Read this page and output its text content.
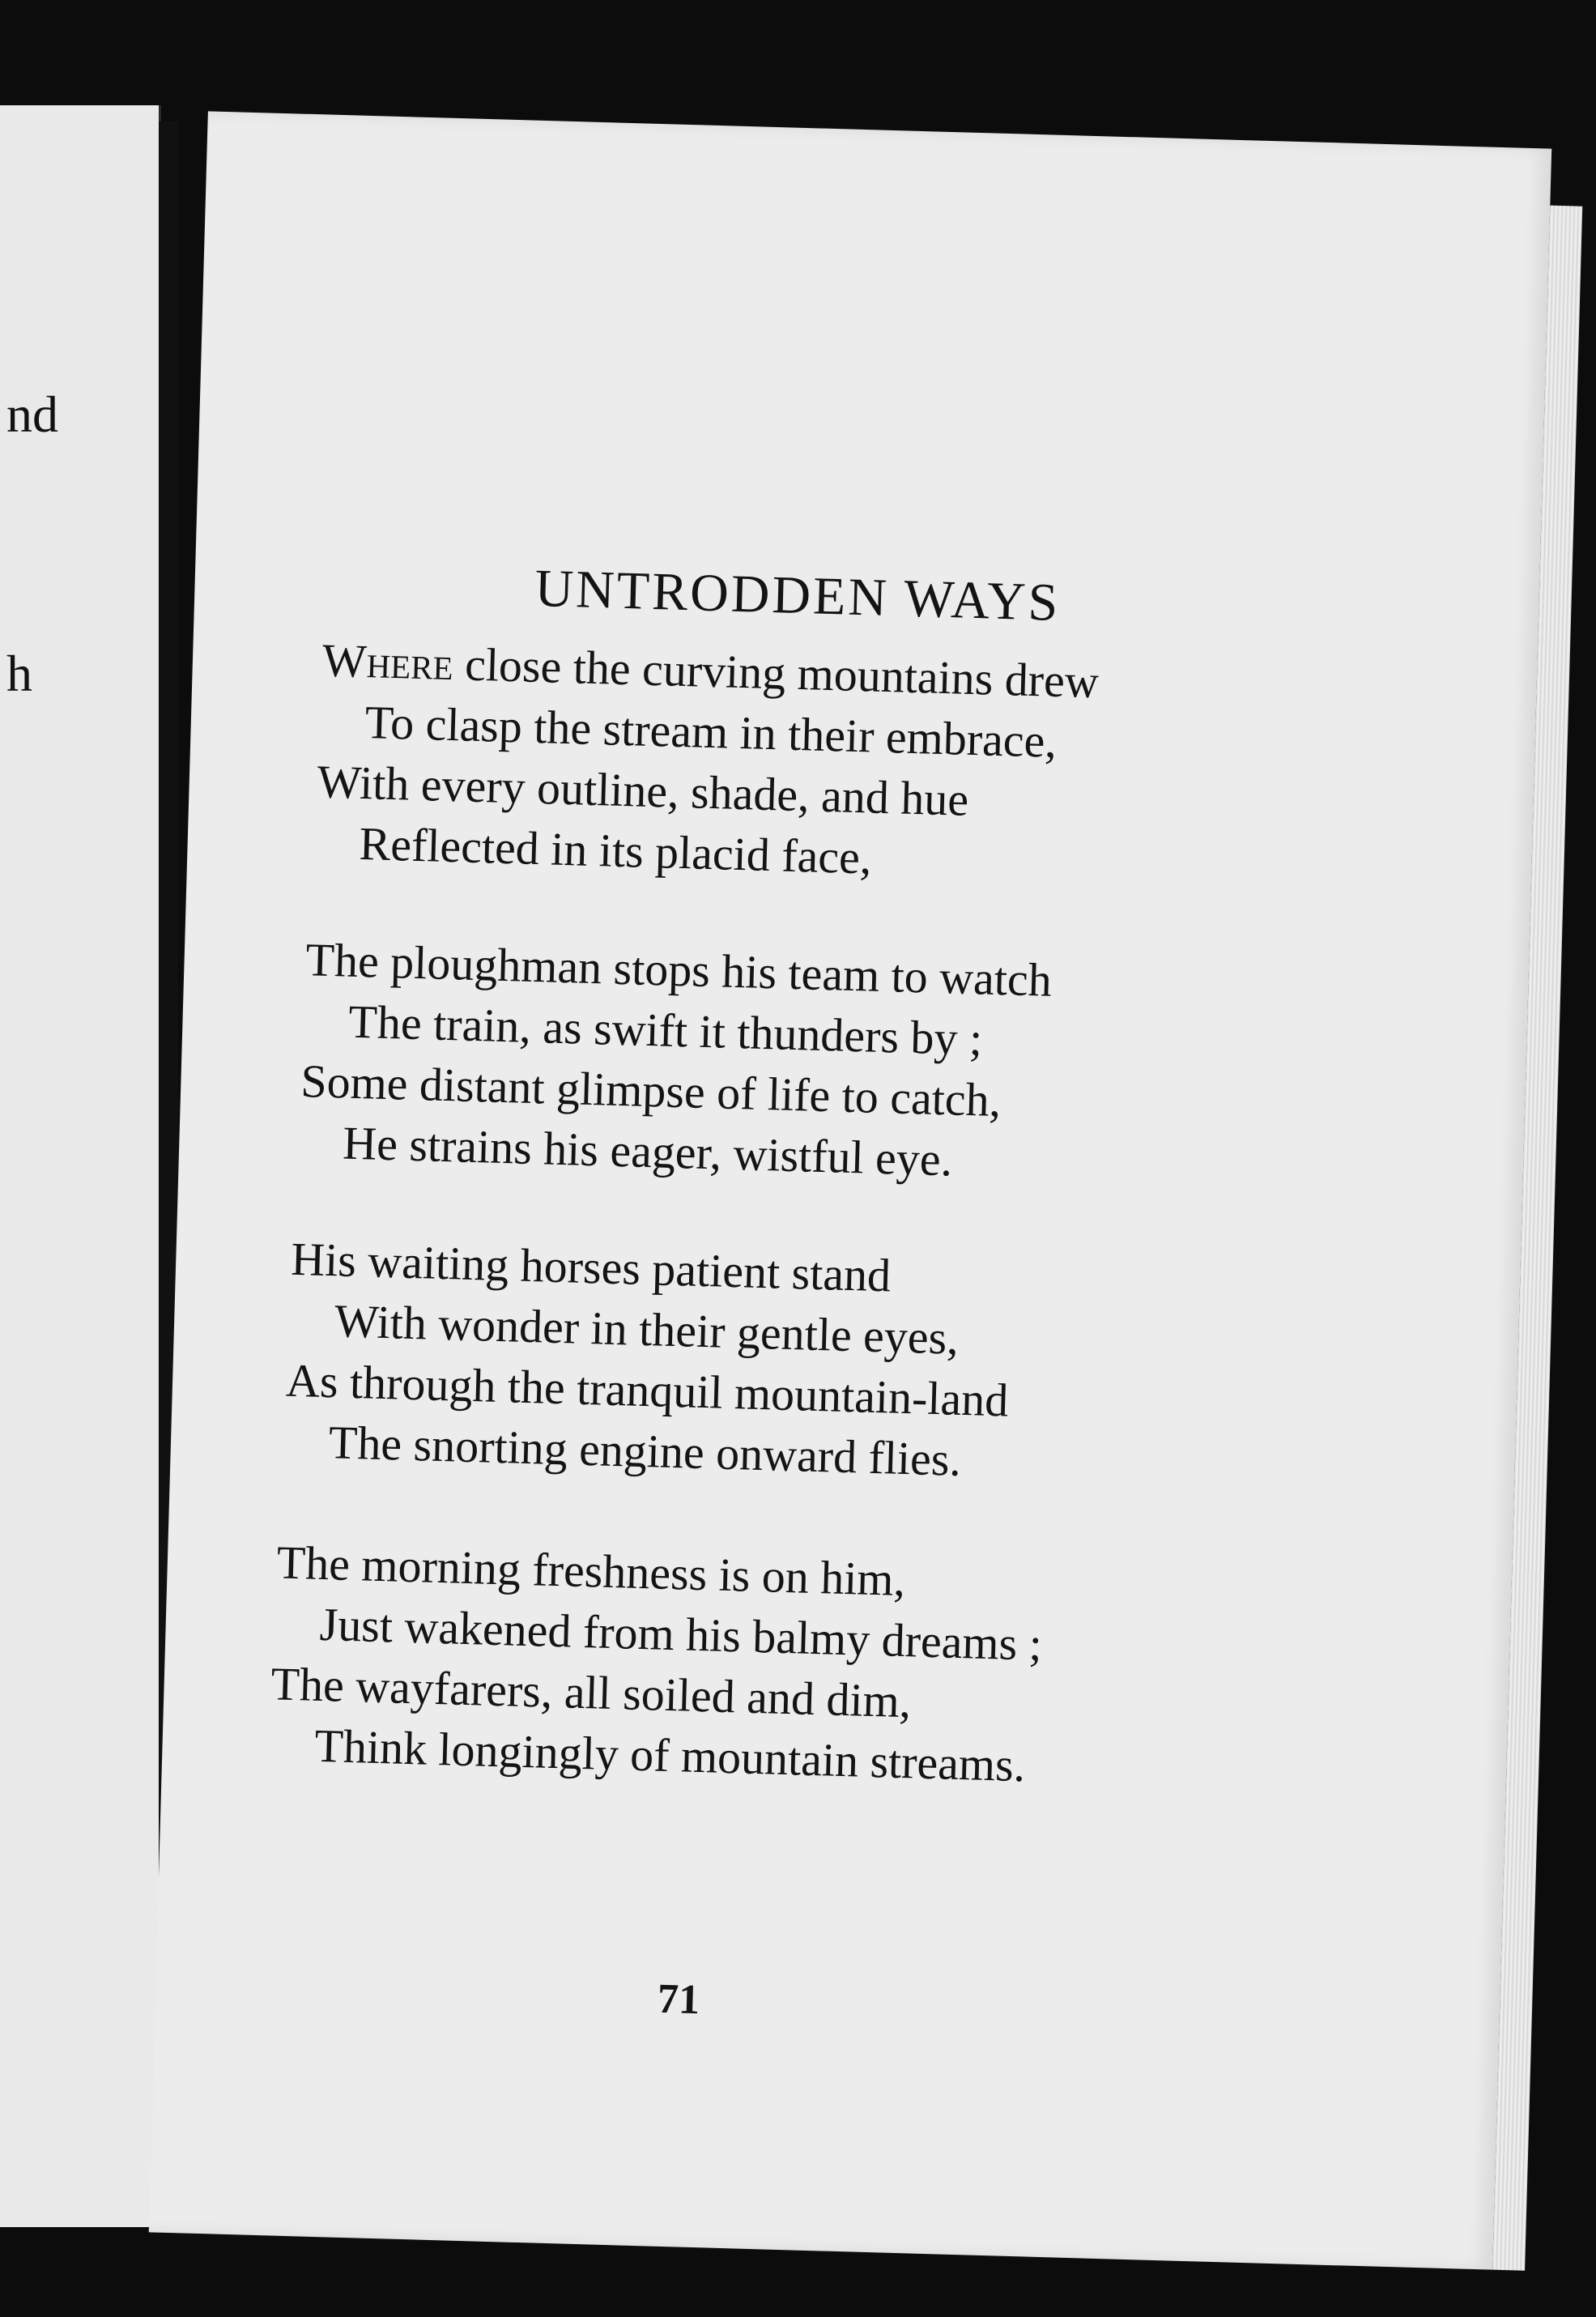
nd
h
UNTRODDEN WAYS
Where close the curving mountains drew
To clasp the stream in their embrace,
With every outline, shade, and hue
Reflected in its placid face,
The ploughman stops his team to watch
The train, as swift it thunders by ;
Some distant glimpse of life to catch,
He strains his eager, wistful eye.
His waiting horses patient stand
With wonder in their gentle eyes,
As through the tranquil mountain-land
The snorting engine onward flies.
The morning freshness is on him,
Just wakened from his balmy dreams ;
The wayfarers, all soiled and dim,
Think longingly of mountain streams.
71
